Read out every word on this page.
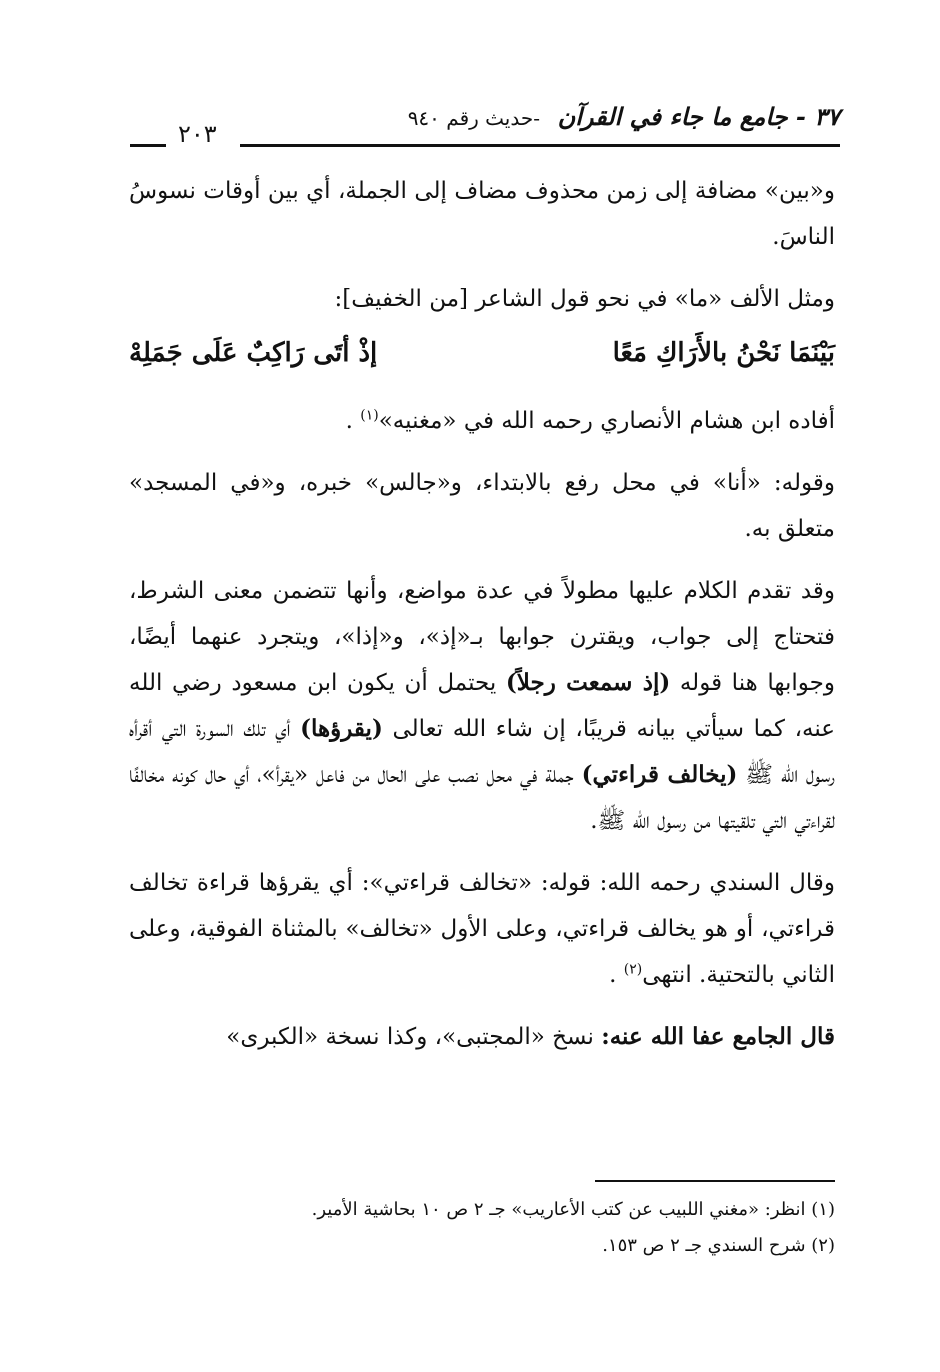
٣٧ - جامع ما جاء في القرآن
-حديث رقم ٩٤٠
٢٠٣

و«بين» مضافة إلى زمن محذوف مضاف إلى الجملة، أي بين أوقات نسوسُ الناسَ.

ومثل الألف «ما» في نحو قول الشاعر [من الخفيف]:

بَيْنَمَا نَحْنُ بالأَرَاكِ مَعًا
إذْ أتَى رَاكِبٌ عَلَى جَمَلِهْ

أفاده ابن هشام الأنصاري رحمه الله في «مغنيه»$^{(١)}$ .

وقوله: «أنا» في محل رفع بالابتداء، و«جالس» خبره، و«في المسجد» متعلق به.

وقد تقدم الكلام عليها مطولاً في عدة مواضع، وأنها تتضمن معنى الشرط، فتحتاج إلى جواب، ويقترن جوابها بـ«إذ»، و«إذا»، ويتجرد عنهما أيضًا، وجوابها هنا قوله (إذ سمعت رجلاً) يحتمل أن يكون ابن مسعود رضي الله عنه، كما سيأتي بيانه قريبًا، إن شاء الله تعالى (يقرؤها) أي تلك السورة التي أقرأه رسول الله ﷺ (يخالف قراءتي) جملة في محل نصب على الحال من فاعل «يقرأ»، أي حال كونه مخالفًا لقراءتي التي تلقيتها من رسول الله ﷺ.

وقال السندي رحمه الله: قوله: «تخالف قراءتي»: أي يقرؤها قراءة تخالف قراءتي، أو هو يخالف قراءتي، وعلى الأول «تخالف» بالمثناة الفوقية، وعلى الثاني بالتحتية. انتهى$^{(٢)}$ .

قال الجامع عفا الله عنه: نسخ «المجتبى»، وكذا نسخة «الكبرى»

(١) انظر: «مغني اللبيب عن كتب الأعاريب» جـ ٢ ص ١٠ بحاشية الأمير.
(٢) شرح السندي جـ ٢ ص ١٥٣.
